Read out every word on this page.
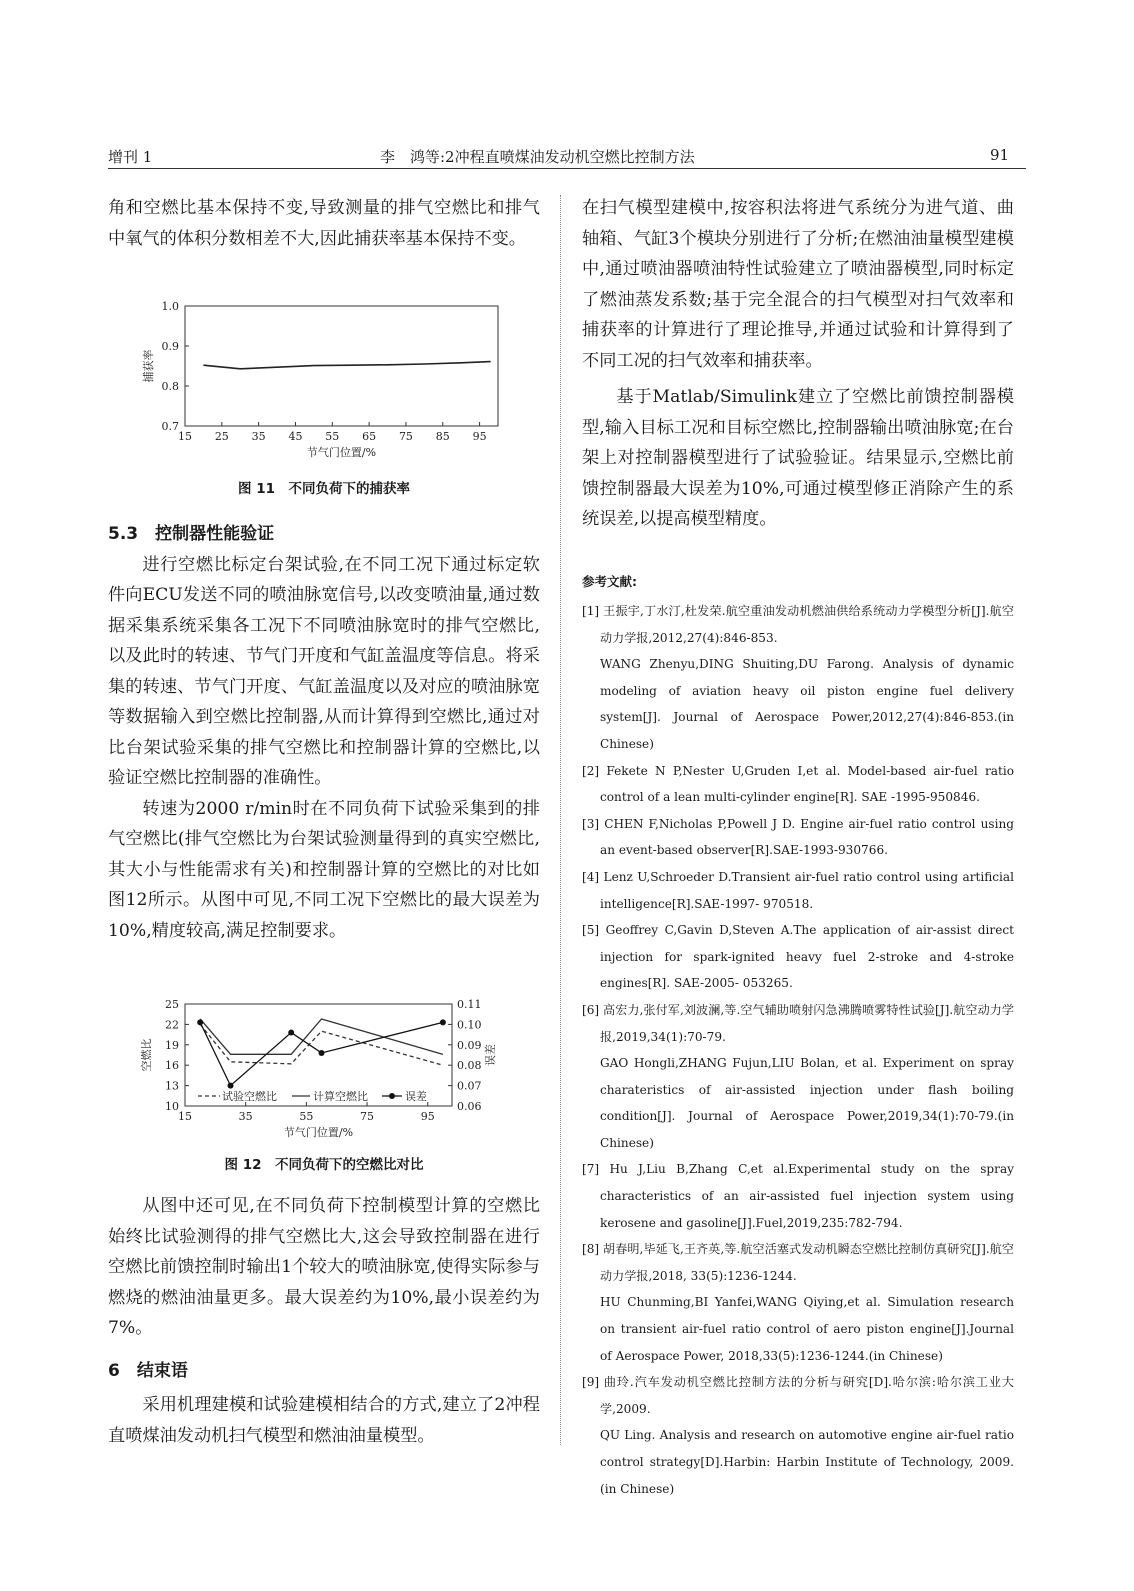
增刊 1	李　鸿等:2冲程直喷煤油发动机空燃比控制方法	91

角和空燃比基本保持不变,导致测量的排气空燃比和排气中氧气的体积分数相差不大,因此捕获率基本保持不变。

15 25 35 45 55 65 75 85 95
0.7
0.8
0.9
1.0
节气门位置/%
捕获率
图 11　不同负荷下的捕获率

5.3　控制器性能验证

进行空燃比标定台架试验,在不同工况下通过标定软件向ECU发送不同的喷油脉宽信号,以改变喷油量,通过数据采集系统采集各工况下不同喷油脉宽时的排气空燃比,以及此时的转速、节气门开度和气缸盖温度等信息。将采集的转速、节气门开度、气缸盖温度以及对应的喷油脉宽等数据输入到空燃比控制器,从而计算得到空燃比,通过对比台架试验采集的排气空燃比和控制器计算的空燃比,以验证空燃比控制器的准确性。

转速为2000 r/min时在不同负荷下试验采集到的排气空燃比(排气空燃比为台架试验测量得到的真实空燃比,其大小与性能需求有关)和控制器计算的空燃比的对比如图12所示。从图中可见,不同工况下空燃比的最大误差为10%,精度较高,满足控制要求。

15	35	55	75	95
10
13
16
19
22
25
0.06
0.07
0.08
0.09
0.10
0.11
试验空燃比	计算空燃比	误差
节气门位置/%
空燃比	误差
图 12　不同负荷下的空燃比对比

从图中还可见,在不同负荷下控制模型计算的空燃比始终比试验测得的排气空燃比大,这会导致控制器在进行空燃比前馈控制时输出1个较大的喷油脉宽,使得实际参与燃烧的燃油油量更多。最大误差约为10%,最小误差约为7%。

6　结束语

采用机理建模和试验建模相结合的方式,建立了2冲程直喷煤油发动机扫气模型和燃油油量模型。

在扫气模型建模中,按容积法将进气系统分为进气道、曲轴箱、气缸3个模块分别进行了分析;在燃油油量模型建模中,通过喷油器喷油特性试验建立了喷油器模型,同时标定了燃油蒸发系数;基于完全混合的扫气模型对扫气效率和捕获率的计算进行了理论推导,并通过试验和计算得到了不同工况的扫气效率和捕获率。

基于Matlab/Simulink建立了空燃比前馈控制器模型,输入目标工况和目标空燃比,控制器输出喷油脉宽;在台架上对控制器模型进行了试验验证。结果显示,空燃比前馈控制器最大误差为10%,可通过模型修正消除产生的系统误差,以提高模型精度。

参考文献:
[1] 王振宇,丁水汀,杜发荣.航空重油发动机燃油供给系统动力学模型分析[J].航空动力学报,2012,27(4):846-853.
WANG Zhenyu,DING Shuiting,DU Farong. Analysis of dynamic modeling of aviation heavy oil piston engine fuel delivery system[J]. Journal of Aerospace Power,2012,27(4):846-853.(in Chinese)
[2] Fekete N P,Nester U,Gruden I,et al. Model-based air-fuel ratio control of a lean multi-cylinder engine[R]. SAE -1995-950846.
[3] CHEN F,Nicholas P,Powell J D. Engine air-fuel ratio control using an event-based observer[R].SAE-1993-930766.
[4] Lenz U,Schroeder D.Transient air-fuel ratio control using artificial intelligence[R].SAE-1997- 970518.
[5] Geoffrey C,Gavin D,Steven A.The application of air-assist direct injection for spark-ignited heavy fuel 2-stroke and 4-stroke engines[R]. SAE-2005- 053265.
[6] 高宏力,张付军,刘波澜,等.空气辅助喷射闪急沸腾喷雾特性试验[J].航空动力学报,2019,34(1):70-79.
GAO Hongli,ZHANG Fujun,LIU Bolan, et al. Experiment on spray charateristics of air-assisted injection under flash boiling condition[J]. Journal of Aerospace Power,2019,34(1):70-79.(in Chinese)
[7] Hu J,Liu B,Zhang C,et al.Experimental study on the spray characteristics of an air-assisted fuel injection system using kerosene and gasoline[J].Fuel,2019,235:782-794.
[8] 胡春明,毕延飞,王齐英,等.航空活塞式发动机瞬态空燃比控制仿真研究[J].航空动力学报,2018, 33(5):1236-1244.
HU Chunming,BI Yanfei,WANG Qiying,et al. Simulation research on transient air-fuel ratio control of aero piston engine[J].Journal of Aerospace Power, 2018,33(5):1236-1244.(in Chinese)
[9] 曲玲.汽车发动机空燃比控制方法的分析与研究[D].哈尔滨:哈尔滨工业大学,2009.
QU Ling. Analysis and research on automotive engine air-fuel ratio control strategy[D].Harbin: Harbin Institute of Technology, 2009.(in Chinese)
